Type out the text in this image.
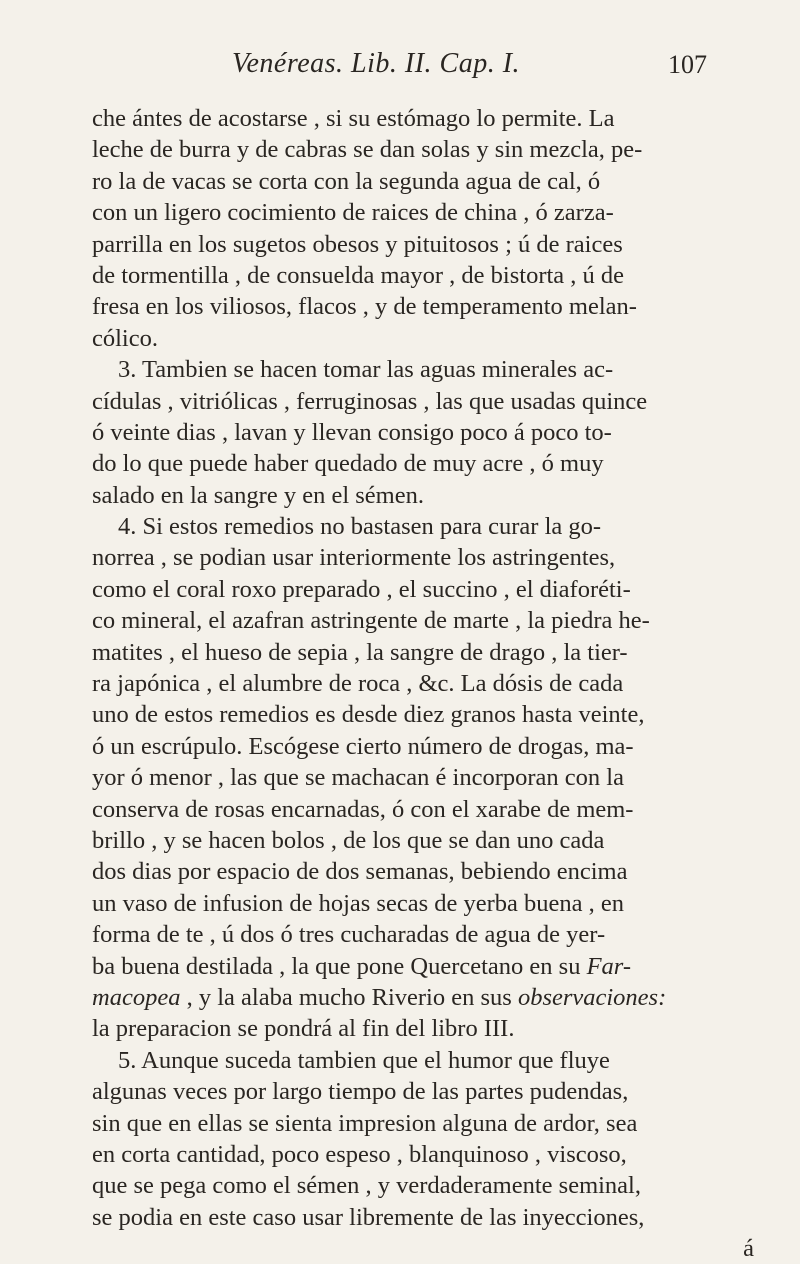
Venéreas. Lib. II. Cap. I.	107
che ántes de acostarse , si su estómago lo permite. La
leche de burra y de cabras se dan solas y sin mezcla, pe-
ro la de vacas se corta con la segunda agua de cal, ó
con un ligero cocimiento de raices de china , ó zarza-
parrilla en los sugetos obesos y pituitosos ; ú de raices
de tormentilla , de consuelda mayor , de bistorta , ú de
fresa en los viliosos, flacos , y de temperamento melan-
cólico.
3. Tambien se hacen tomar las aguas minerales ac-
cídulas , vitriólicas , ferruginosas , las que usadas quince
ó veinte dias , lavan y llevan consigo poco á poco to-
do lo que puede haber quedado de muy acre , ó muy
salado en la sangre y en el sémen.
4. Si estos remedios no bastasen para curar la go-
norrea , se podian usar interiormente los astringentes,
como el coral roxo preparado , el succino , el diaforéti-
co mineral, el azafran astringente de marte , la piedra he-
matites , el hueso de sepia , la sangre de drago , la tier-
ra japónica , el alumbre de roca , &c. La dósis de cada
uno de estos remedios es desde diez granos hasta veinte,
ó un escrúpulo. Escógese cierto número de drogas, ma-
yor ó menor , las que se machacan é incorporan con la
conserva de rosas encarnadas, ó con el xarabe de mem-
brillo , y se hacen bolos , de los que se dan uno cada
dos dias por espacio de dos semanas, bebiendo encima
un vaso de infusion de hojas secas de yerba buena , en
forma de te , ú dos ó tres cucharadas de agua de yer-
ba buena destilada , la que pone Quercetano en su Far-
macopea , y la alaba mucho Riverio en sus observaciones:
la preparacion se pondrá al fin del libro III.
5. Aunque suceda tambien que el humor que fluye
algunas veces por largo tiempo de las partes pudendas,
sin que en ellas se sienta impresion alguna de ardor, sea
en corta cantidad, poco espeso , blanquinoso , viscoso,
que se pega como el sémen , y verdaderamente seminal,
se podia en este caso usar libremente de las inyecciones,
á
